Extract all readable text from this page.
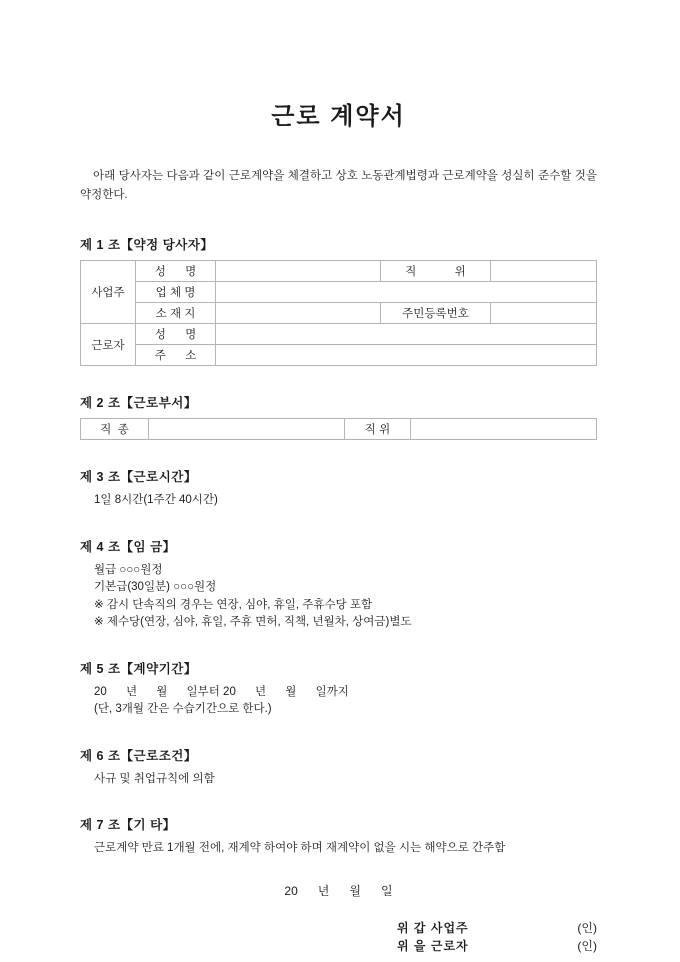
근로 계약서

아래 당사자는 다음과 같이 근로계약을 체결하고 상호 노동관계법령과 근로계약을 성실히 준수할 것을 약정한다.

제 1 조【약정 당사자】
사업주	성      명		직            위	
	업 체 명			
	소 재 지		주민등록번호	
근로자	성      명			
	주      소			
제 2 조【근로부서】
직  종		직 위	
제 3 조【근로시간】
1일 8시간(1주간 40시간)
제 4 조【임 금】
월급 ○○○원정
기본급(30일분) ○○○원정
※ 감시 단속직의 경우는 연장, 심야, 휴일, 주휴수당 포함
※ 제수당(연장, 심야, 휴일, 주휴 면허, 직책, 년월차, 상여금)별도
제 5 조【계약기간】
20      년      월      일부터 20      년      월      일까지
(단, 3개월 간은 수습기간으로 한다.)
제 6 조【근로조건】
사규 및 취업규칙에 의함
제 7 조【기 타】
근로계약 만료 1개월 전에, 재계약 하여야 하며 재계약이 없을 시는 해약으로 간주함
20      년      월      일
위 갑 사업주	(인)
위 을 근로자	(인)
